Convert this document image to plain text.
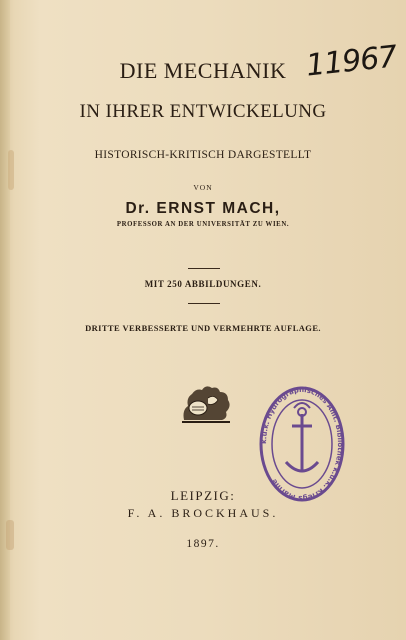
11967
DIE MECHANIK
IN IHRER ENTWICKELUNG
HISTORISCH-KRITISCH DARGESTELLT
VON
Dr. ERNST MACH,
PROFESSOR AN DER UNIVERSITÄT ZU WIEN.
MIT 250 ABBILDUNGEN.
DRITTE VERBESSERTE UND VERMEHRTE AUFLAGE.
k.u.k. Hydrographisches Amt. Bibliothek k.u.k. Kriegs Marine
LEIPZIG:
F. A. BROCKHAUS.
1897.
